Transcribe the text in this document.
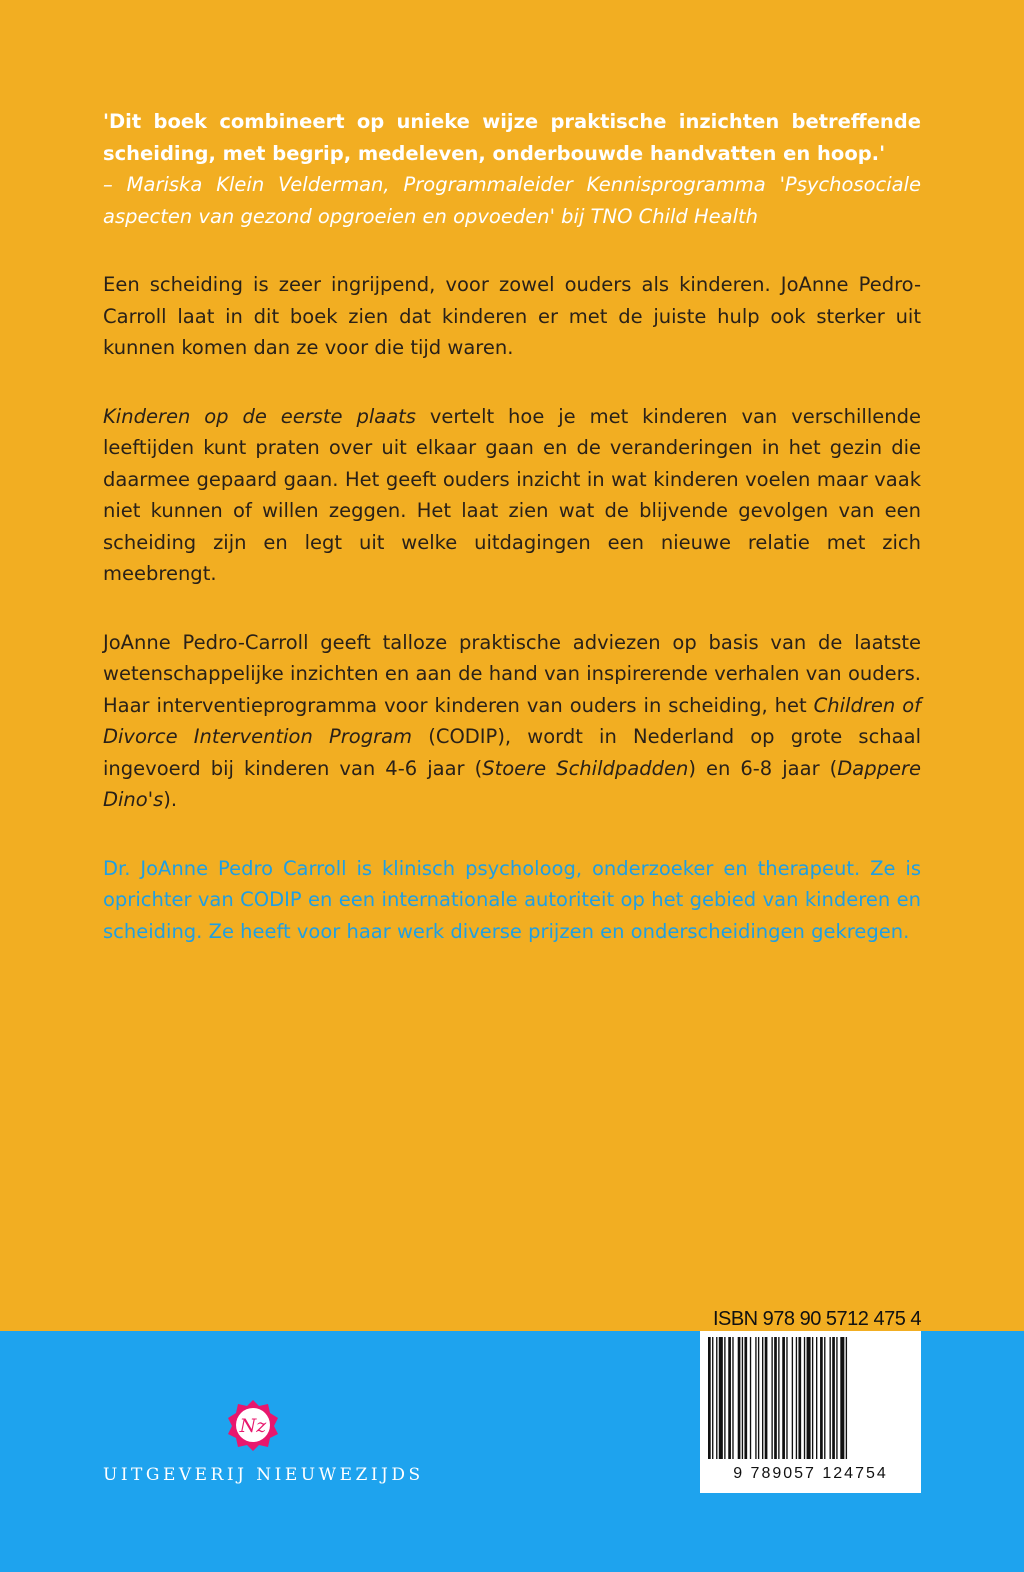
'Dit boek combineert op unieke wijze praktische inzichten betreffende scheiding, met begrip, medeleven, onderbouwde handvatten en hoop.'

– Mariska Klein Velderman, Programmaleider Kennisprogramma 'Psychosociale aspecten van gezond opgroeien en opvoeden' bij TNO Child Health

Een scheiding is zeer ingrijpend, voor zowel ouders als kinderen. JoAnne Pedro-Carroll laat in dit boek zien dat kinderen er met de juiste hulp ook sterker uit kunnen komen dan ze voor die tijd waren.

Kinderen op de eerste plaats vertelt hoe je met kinderen van verschillende leeftijden kunt praten over uit elkaar gaan en de veranderingen in het gezin die daarmee gepaard gaan. Het geeft ouders inzicht in wat kinderen voelen maar vaak niet kunnen of willen zeggen. Het laat zien wat de blijvende gevolgen van een scheiding zijn en legt uit welke uitdagingen een nieuwe relatie met zich meebrengt.

JoAnne Pedro-Carroll geeft talloze praktische adviezen op basis van de laatste wetenschappelijke inzichten en aan de hand van inspirerende verhalen van ouders. Haar interventieprogramma voor kinderen van ouders in scheiding, het Children of Divorce Intervention Program (CODIP), wordt in Nederland op grote schaal ingevoerd bij kinderen van 4-6 jaar (Stoere Schildpadden) en 6-8 jaar (Dappere Dino's).

Dr. JoAnne Pedro Carroll is klinisch psycholoog, onderzoeker en therapeut. Ze is oprichter van CODIP en een internationale autoriteit op het gebied van kinderen en scheiding. Ze heeft voor haar werk diverse prijzen en onderscheidingen gekregen.

ISBN 978 90 5712 475 4
9 789057 124754
Nz
UITGEVERIJ NIEUWEZIJDS
